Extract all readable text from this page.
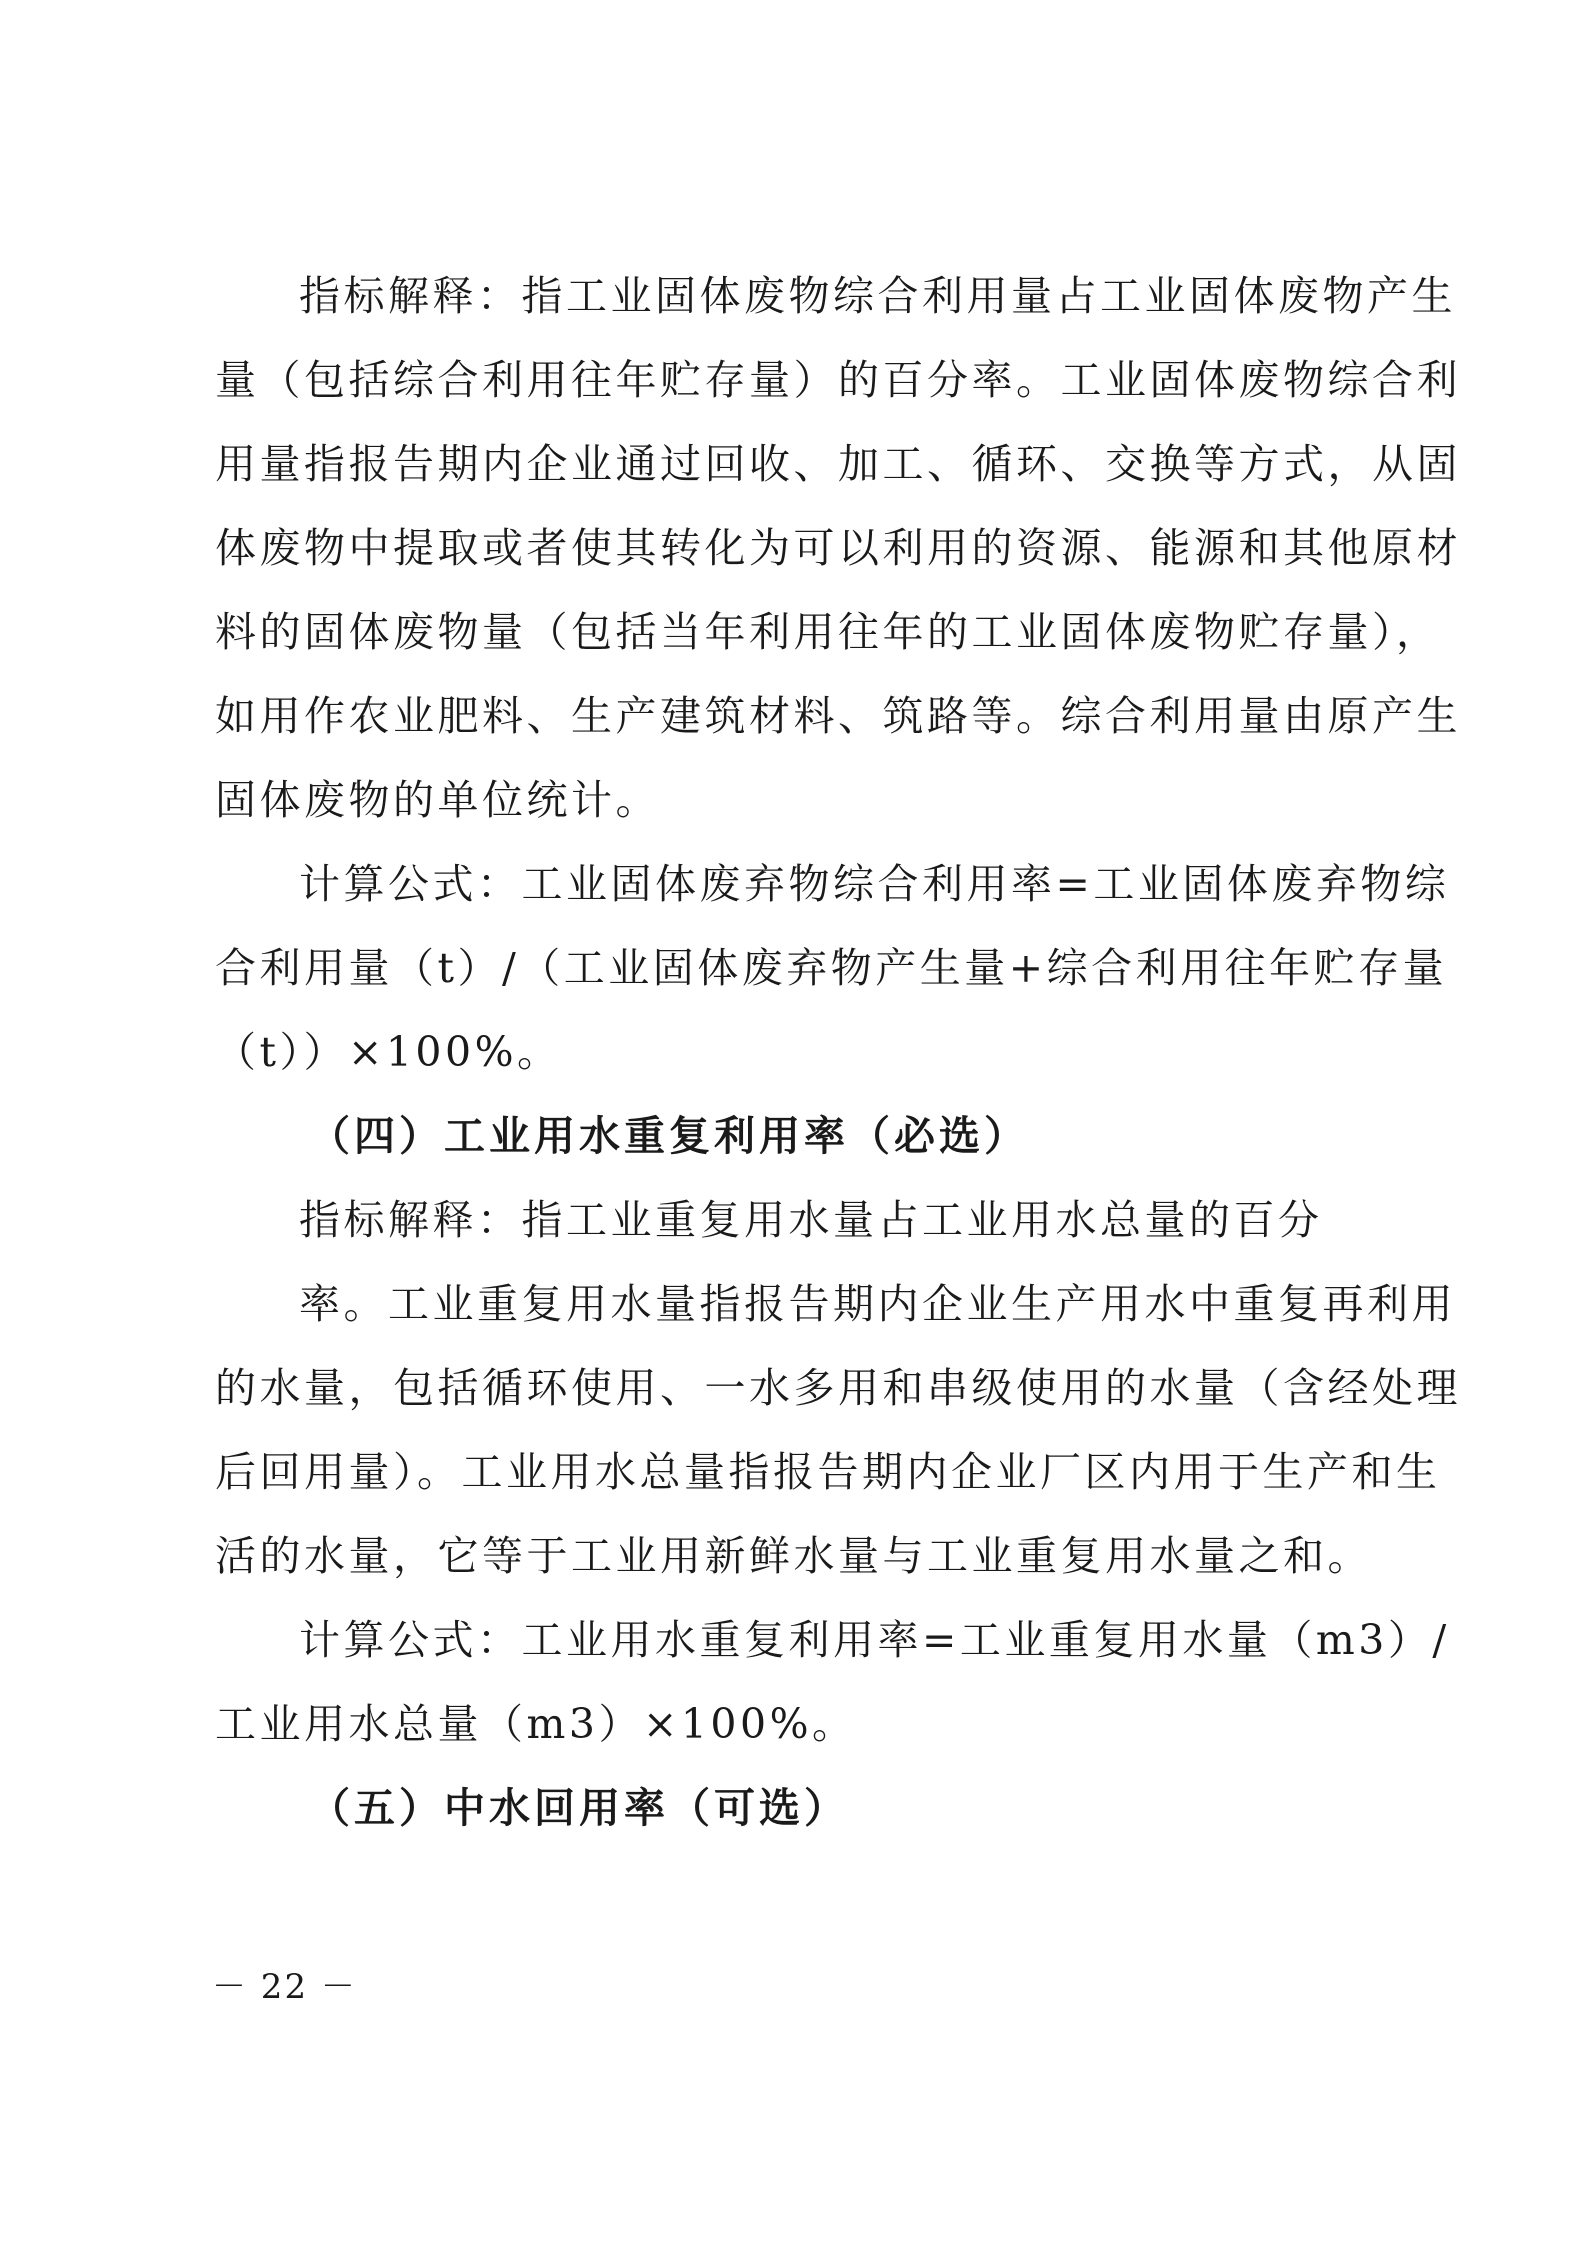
指标解释：指工业固体废物综合利用量占工业固体废物产生
量（包括综合利用往年贮存量）的百分率。工业固体废物综合利
用量指报告期内企业通过回收、加工、循环、交换等方式，从固
体废物中提取或者使其转化为可以利用的资源、能源和其他原材
料的固体废物量（包括当年利用往年的工业固体废物贮存量），
如用作农业肥料、生产建筑材料、筑路等。综合利用量由原产生
固体废物的单位统计。
计算公式：工业固体废弃物综合利用率=工业固体废弃物综
合利用量（t）/（工业固体废弃物产生量+综合利用往年贮存量
（t））×100%。
（四）工业用水重复利用率（必选）
指标解释：指工业重复用水量占工业用水总量的百分
率。工业重复用水量指报告期内企业生产用水中重复再利用
的水量，包括循环使用、一水多用和串级使用的水量（含经处理
后回用量）。工业用水总量指报告期内企业厂区内用于生产和生
活的水量，它等于工业用新鲜水量与工业重复用水量之和。
计算公式：工业用水重复利用率=工业重复用水量（m3）/
工业用水总量（m3）×100%。
（五）中水回用率（可选）
－ 22 －
